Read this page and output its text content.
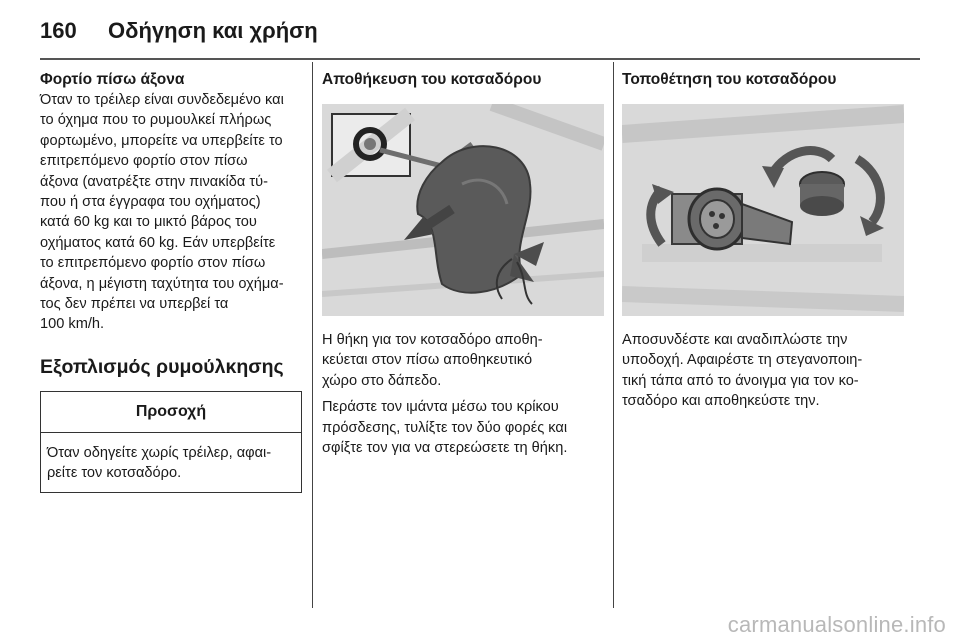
160	Οδήγηση και χρήση

Φορτίο πίσω άξονα

Όταν το τρέιλερ είναι συνδεδεμένο και
το όχημα που το ρυμουλκεί πλήρως
φορτωμένο, μπορείτε να υπερβείτε το
επιτρεπόμενο φορτίο στον πίσω
άξονα (ανατρέξτε στην πινακίδα τύ-
που ή στα έγγραφα του οχήματος)
κατά 60 kg και το μικτό βάρος του
οχήματος κατά 60 kg. Εάν υπερβείτε
το επιτρεπόμενο φορτίο στον πίσω
άξονα, η μέγιστη ταχύτητα του οχήμα-
τος δεν πρέπει να υπερβεί τα
100 km/h.

Εξοπλισμός ρυμούλκησης

Προσοχή
Όταν οδηγείτε χωρίς τρέιλερ, αφαι-
ρείτε τον κοτσαδόρο.

Αποθήκευση του κοτσαδόρου

Η θήκη για τον κοτσαδόρο αποθη-
κεύεται στον πίσω αποθηκευτικό
χώρο στο δάπεδο.
Περάστε τον ιμάντα μέσω του κρίκου
πρόσδεσης, τυλίξτε τον δύο φορές και
σφίξτε τον για να στερεώσετε τη θήκη.

Τοποθέτηση του κοτσαδόρου

Αποσυνδέστε και αναδιπλώστε την
υποδοχή. Αφαιρέστε τη στεγανοποιη-
τική τάπα από το άνοιγμα για τον κο-
τσαδόρο και αποθηκεύστε την.
carmanualsonline.info
